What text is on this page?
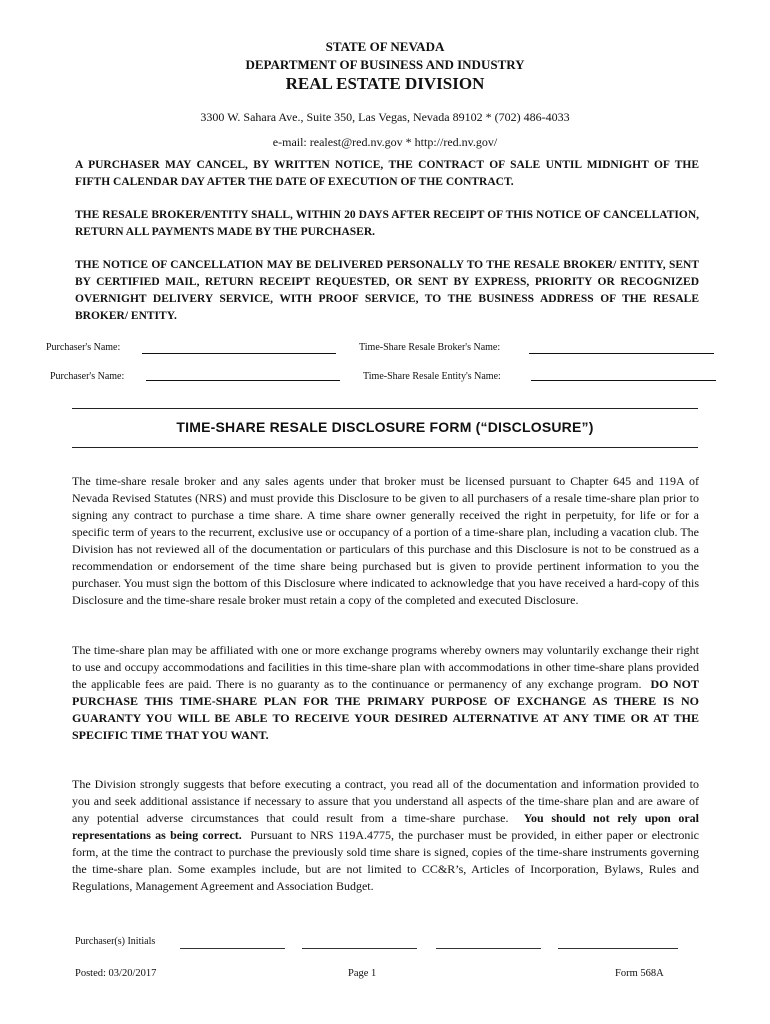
STATE OF NEVADA
DEPARTMENT OF BUSINESS AND INDUSTRY
REAL ESTATE DIVISION
3300 W. Sahara Ave., Suite 350, Las Vegas, Nevada 89102 * (702) 486-4033
e-mail: realest@red.nv.gov * http://red.nv.gov/
A PURCHASER MAY CANCEL, BY WRITTEN NOTICE, THE CONTRACT OF SALE UNTIL MIDNIGHT OF THE FIFTH CALENDAR DAY AFTER THE DATE OF EXECUTION OF THE CONTRACT.
THE RESALE BROKER/ENTITY SHALL, WITHIN 20 DAYS AFTER RECEIPT OF THIS NOTICE OF CANCELLATION, RETURN ALL PAYMENTS MADE BY THE PURCHASER.
THE NOTICE OF CANCELLATION MAY BE DELIVERED PERSONALLY TO THE RESALE BROKER/ ENTITY, SENT BY CERTIFIED MAIL, RETURN RECEIPT REQUESTED, OR SENT BY EXPRESS, PRIORITY OR RECOGNIZED OVERNIGHT DELIVERY SERVICE, WITH PROOF SERVICE, TO THE BUSINESS ADDRESS OF THE RESALE BROKER/ ENTITY.
Purchaser's Name:	Time-Share Resale Broker's Name:
Purchaser's Name:	Time-Share Resale Entity's Name:
TIME-SHARE RESALE DISCLOSURE FORM (“DISCLOSURE”)
The time-share resale broker and any sales agents under that broker must be licensed pursuant to Chapter 645 and 119A of Nevada Revised Statutes (NRS) and must provide this Disclosure to be given to all purchasers of a resale time-share plan prior to signing any contract to purchase a time share. A time share owner generally received the right in perpetuity, for life or for a specific term of years to the recurrent, exclusive use or occupancy of a portion of a time-share plan, including a vacation club. The Division has not reviewed all of the documentation or particulars of this purchase and this Disclosure is not to be construed as a recommendation or endorsement of the time share being purchased but is given to provide pertinent information to you the purchaser. You must sign the bottom of this Disclosure where indicated to acknowledge that you have received a hard-copy of this Disclosure and the time-share resale broker must retain a copy of the completed and executed Disclosure.
The time-share plan may be affiliated with one or more exchange programs whereby owners may voluntarily exchange their right to use and occupy accommodations and facilities in this time-share plan with accommodations in other time-share plans provided the applicable fees are paid. There is no guaranty as to the continuance or permanency of any exchange program. DO NOT PURCHASE THIS TIME-SHARE PLAN FOR THE PRIMARY PURPOSE OF EXCHANGE AS THERE IS NO GUARANTY YOU WILL BE ABLE TO RECEIVE YOUR DESIRED ALTERNATIVE AT ANY TIME OR AT THE SPECIFIC TIME THAT YOU WANT.
The Division strongly suggests that before executing a contract, you read all of the documentation and information provided to you and seek additional assistance if necessary to assure that you understand all aspects of the time-share plan and are aware of any potential adverse circumstances that could result from a time-share purchase. You should not rely upon oral representations as being correct. Pursuant to NRS 119A.4775, the purchaser must be provided, in either paper or electronic form, at the time the contract to purchase the previously sold time share is signed, copies of the time-share instruments governing the time-share plan. Some examples include, but are not limited to CC&R’s, Articles of Incorporation, Bylaws, Rules and Regulations, Management Agreement and Association Budget.
Purchaser(s) Initials
Posted: 03/20/2017	Page 1	Form 568A
